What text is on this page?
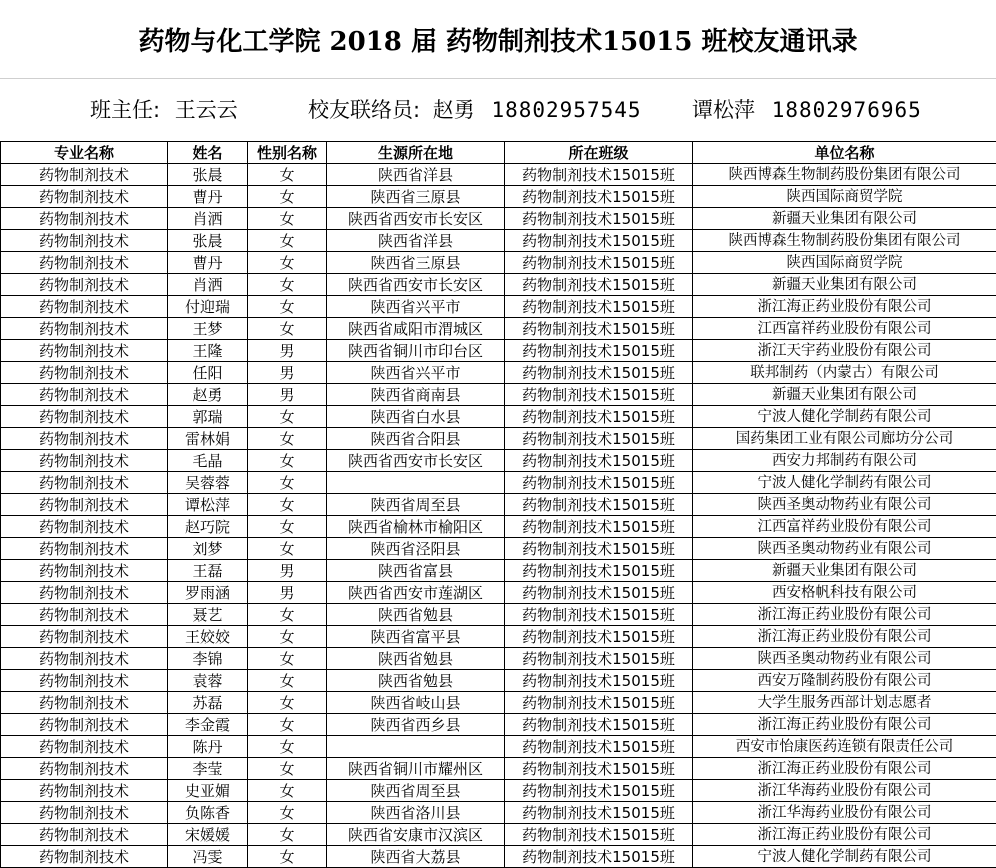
药物与化工学院 2018 届 药物制剂技术15015 班校友通讯录
班主任: 王云云	校友联络员: 赵勇 18802957545 谭松萍 18802976965
专业名称	姓名	性别名称	生源所在地	所在班级	单位名称
药物制剂技术	张晨	女	陕西省洋县	药物制剂技术15015班	陕西博森生物制药股份集团有限公司
药物制剂技术	曹丹	女	陕西省三原县	药物制剂技术15015班	陕西国际商贸学院
药物制剂技术	肖洒	女	陕西省西安市长安区	药物制剂技术15015班	新疆天业集团有限公司
药物制剂技术	张晨	女	陕西省洋县	药物制剂技术15015班	陕西博森生物制药股份集团有限公司
药物制剂技术	曹丹	女	陕西省三原县	药物制剂技术15015班	陕西国际商贸学院
药物制剂技术	肖洒	女	陕西省西安市长安区	药物制剂技术15015班	新疆天业集团有限公司
药物制剂技术	付迎瑞	女	陕西省兴平市	药物制剂技术15015班	浙江海正药业股份有限公司
药物制剂技术	王梦	女	陕西省咸阳市渭城区	药物制剂技术15015班	江西富祥药业股份有限公司
药物制剂技术	王隆	男	陕西省铜川市印台区	药物制剂技术15015班	浙江天宇药业股份有限公司
药物制剂技术	任阳	男	陕西省兴平市	药物制剂技术15015班	联邦制药（内蒙古）有限公司
药物制剂技术	赵勇	男	陕西省商南县	药物制剂技术15015班	新疆天业集团有限公司
药物制剂技术	郭瑞	女	陕西省白水县	药物制剂技术15015班	宁波人健化学制药有限公司
药物制剂技术	雷林娟	女	陕西省合阳县	药物制剂技术15015班	国药集团工业有限公司廊坊分公司
药物制剂技术	毛晶	女	陕西省西安市长安区	药物制剂技术15015班	西安力邦制药有限公司
药物制剂技术	吴蓉蓉	女		药物制剂技术15015班	宁波人健化学制药有限公司
药物制剂技术	谭松萍	女	陕西省周至县	药物制剂技术15015班	陕西圣奥动物药业有限公司
药物制剂技术	赵巧院	女	陕西省榆林市榆阳区	药物制剂技术15015班	江西富祥药业股份有限公司
药物制剂技术	刘梦	女	陕西省泾阳县	药物制剂技术15015班	陕西圣奥动物药业有限公司
药物制剂技术	王磊	男	陕西省富县	药物制剂技术15015班	新疆天业集团有限公司
药物制剂技术	罗雨涵	男	陕西省西安市莲湖区	药物制剂技术15015班	西安格帆科技有限公司
药物制剂技术	聂艺	女	陕西省勉县	药物制剂技术15015班	浙江海正药业股份有限公司
药物制剂技术	王姣姣	女	陕西省富平县	药物制剂技术15015班	浙江海正药业股份有限公司
药物制剂技术	李锦	女	陕西省勉县	药物制剂技术15015班	陕西圣奥动物药业有限公司
药物制剂技术	袁蓉	女	陕西省勉县	药物制剂技术15015班	西安万隆制药股份有限公司
药物制剂技术	苏磊	女	陕西省岐山县	药物制剂技术15015班	大学生服务西部计划志愿者
药物制剂技术	李金霞	女	陕西省西乡县	药物制剂技术15015班	浙江海正药业股份有限公司
药物制剂技术	陈丹	女		药物制剂技术15015班	西安市怡康医药连锁有限责任公司
药物制剂技术	李莹	女	陕西省铜川市耀州区	药物制剂技术15015班	浙江海正药业股份有限公司
药物制剂技术	史亚媚	女	陕西省周至县	药物制剂技术15015班	浙江华海药业股份有限公司
药物制剂技术	负陈香	女	陕西省洛川县	药物制剂技术15015班	浙江华海药业股份有限公司
药物制剂技术	宋媛媛	女	陕西省安康市汉滨区	药物制剂技术15015班	浙江海正药业股份有限公司
药物制剂技术	冯雯	女	陕西省大荔县	药物制剂技术15015班	宁波人健化学制药有限公司
